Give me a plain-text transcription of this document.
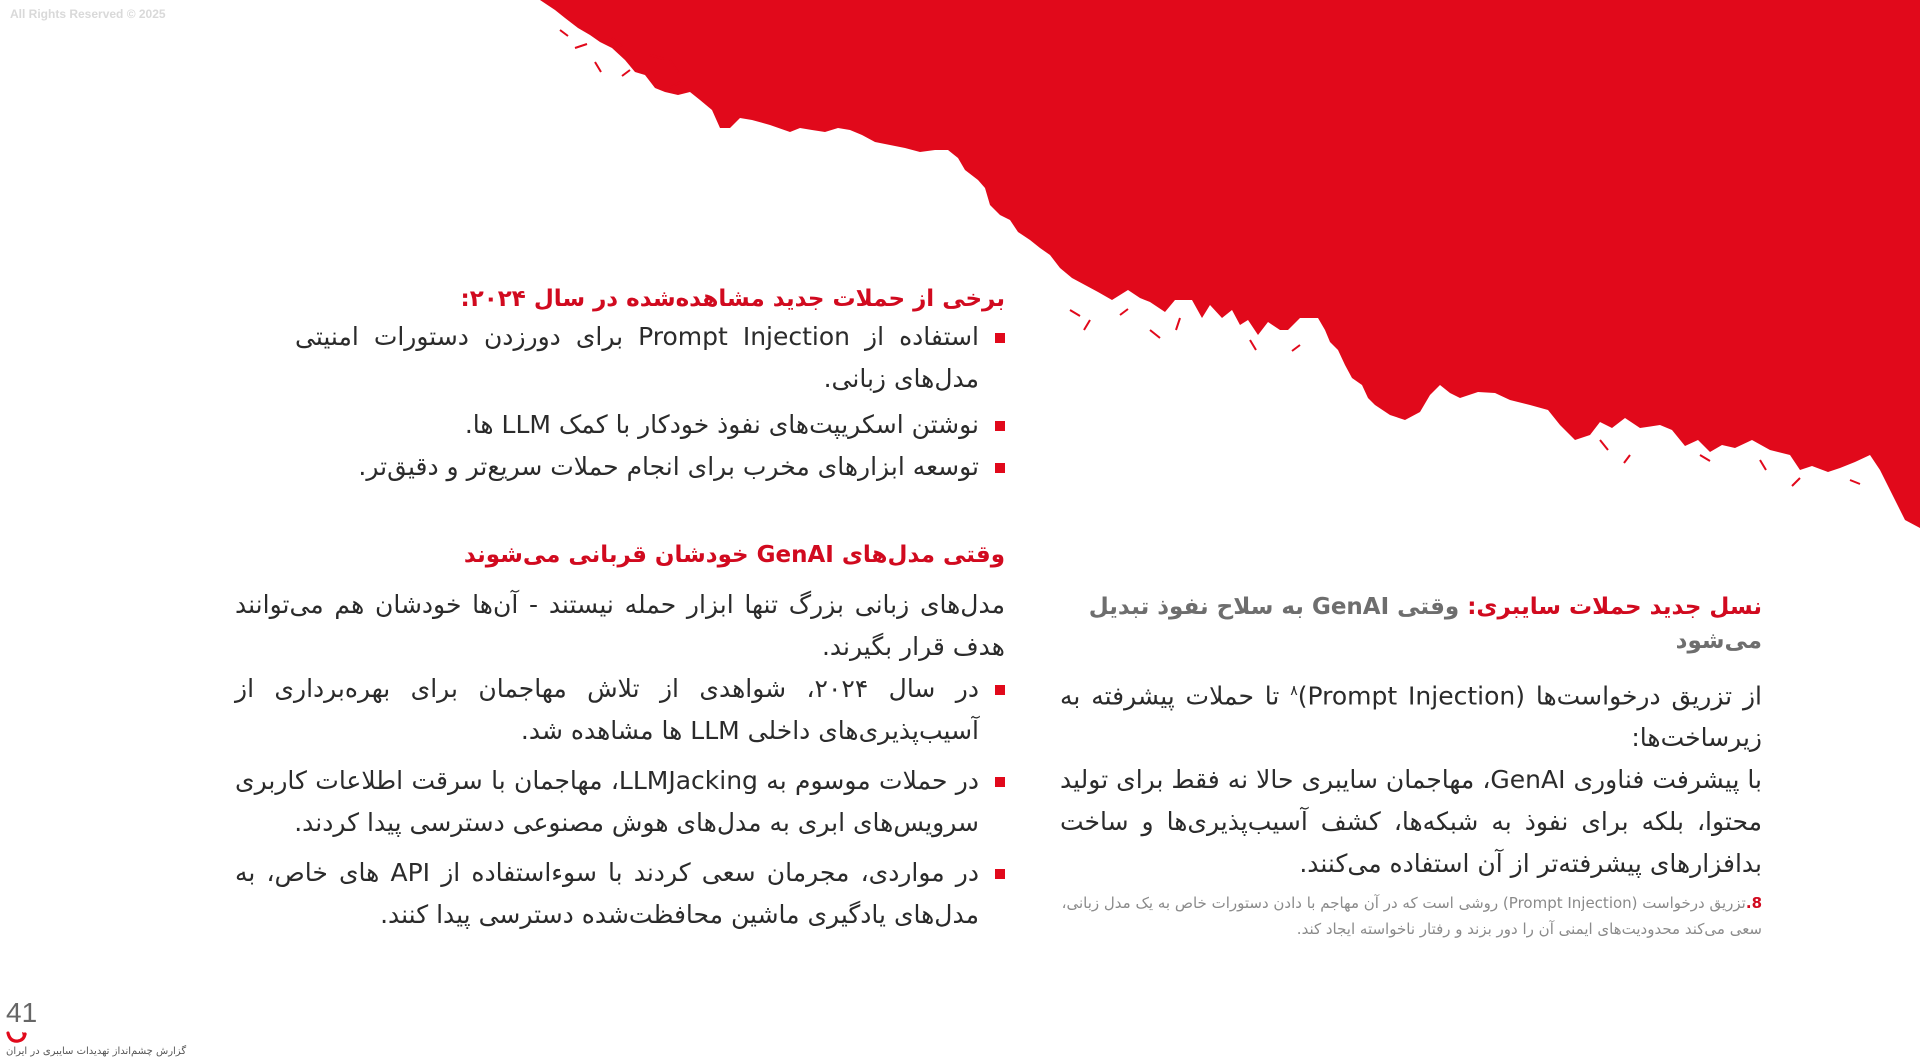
All Rights Reserved © 2025
برخی از حملات جدید مشاهده‌شده در سال ۲۰۲۴:
استفاده از Prompt Injection برای دورزدن دستورات امنیتی مدل‌های زبانی.
نوشتن اسکریپت‌های نفوذ خودکار با کمک LLM ها.
توسعه ابزارهای مخرب برای انجام حملات سریع‌تر و دقیق‌تر.
وقتی مدل‌های GenAI خودشان قربانی می‌شوند

مدل‌های زبانی بزرگ تنها ابزار حمله نیستند - آن‌ها خودشان هم می‌توانند هدف قرار بگیرند.

در سال ۲۰۲۴، شواهدی از تلاش مهاجمان برای بهره‌برداری از آسیب‌پذیری‌های داخلی LLM ها مشاهده شد.
در حملات موسوم به LLMJacking، مهاجمان با سرقت اطلاعات کاربری سرویس‌های ابری به مدل‌های هوش مصنوعی دسترسی پیدا کردند.
در مواردی، مجرمان سعی کردند با سوءاستفاده از API های خاص، به مدل‌های یادگیری ماشین محافظت‌شده دسترسی پیدا کنند.
نسل جدید حملات سایبری: وقتی GenAI به سلاح نفوذ تبدیل می‌شود

از تزریق درخواست‌ها (Prompt Injection)$^۸$ تا حملات پیشرفته به زیرساخت‌ها:

با پیشرفت فناوری GenAI، مهاجمان سایبری حالا نه فقط برای تولید محتوا، بلکه برای نفوذ به شبکه‌ها، کشف آسیب‌پذیری‌ها و ساخت بدافزارهای پیشرفته‌تر از آن استفاده می‌کنند.

8.تزریق درخواست (Prompt Injection) روشی است که در آن مهاجم با دادن دستورات خاص به یک مدل زبانی، سعی می‌کند محدودیت‌های ایمنی آن را دور بزند و رفتار ناخواسته ایجاد کند.

41
گزارش چشم‌انداز تهدیدات سایبری در ایران
